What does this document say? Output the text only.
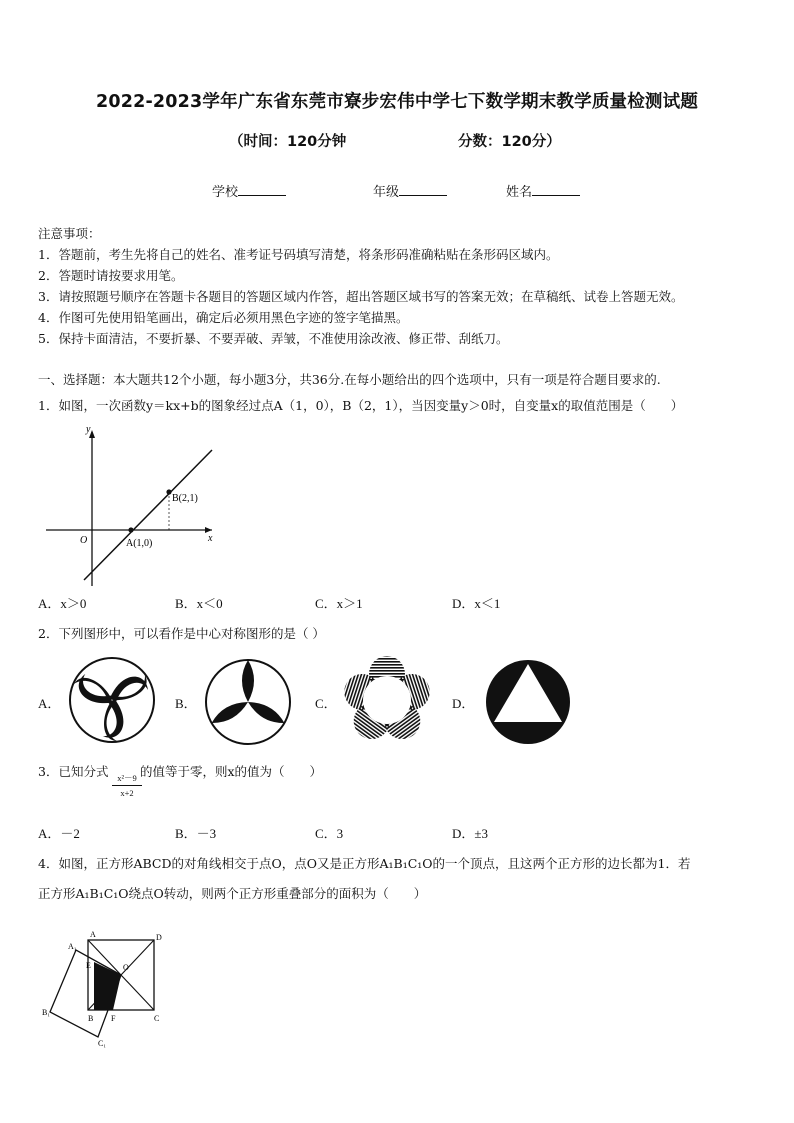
2022-2023学年广东省东莞市寮步宏伟中学七下数学期末教学质量检测试题
（时间：120分钟	分数：120分）
学校	年级	姓名
注意事项：
1．答题前，考生先将自己的姓名、准考证号码填写清楚，将条形码准确粘贴在条形码区域内。
2．答题时请按要求用笔。
3．请按照题号顺序在答题卡各题目的答题区域内作答，超出答题区域书写的答案无效；在草稿纸、试卷上答题无效。
4．作图可先使用铅笔画出，确定后必须用黑色字迹的签字笔描黑。
5．保持卡面清洁，不要折暴、不要弄破、弄皱，不准使用涂改液、修正带、刮纸刀。
一、选择题：本大题共12个小题，每小题3分，共36分.在每小题给出的四个选项中，只有一项是符合题目要求的.
1．如图，一次函数y＝kx+b的图象经过点A（1，0），B（2，1），当因变量y＞0时，自变量x的取值范围是（　　）
y
x
O	A(1,0)
B(2,1)
A．x＞0	B．x＜0	C．x＞1	D．x＜1
2．下列图形中，可以看作是中心对称图形的是（ ）
A．	B．	C．	D．
3．已知分式
$\frac{\text{x²－9}}{x+2}$
的值等于零，则x的值为（　　）
A．－2	B．－3	C．3	D．±3
4．如图，正方形ABCD的对角线相交于点O，点O又是正方形A₁B₁C₁O的一个顶点，且这两个正方形的边长都为1．若
正方形A₁B₁C₁O绕点O转动，则两个正方形重叠部分的面积为（　　）
A₁
A	D
E	O
B₁
B F	C
C₁
